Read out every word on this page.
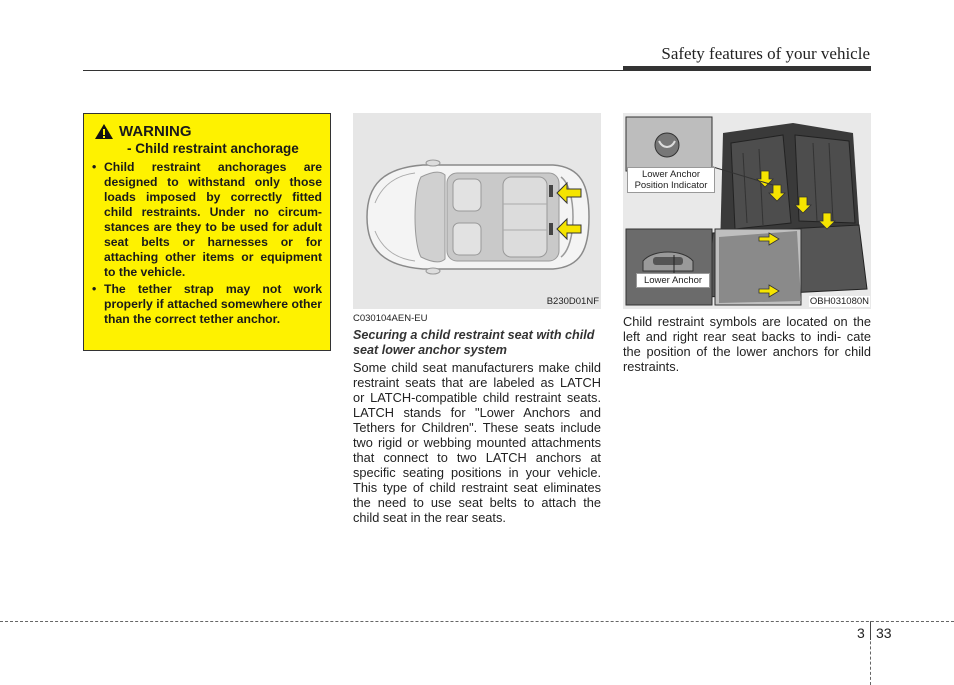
Safety features of your vehicle
WARNING
- Child restraint anchorage
• Child restraint anchorages are designed to withstand only those loads imposed by correctly fitted child restraints. Under no circum- stances are they to be used for adult seat belts or harnesses or for attaching other items or equipment to the vehicle.
• The tether strap may not work properly if attached somewhere other than the correct tether anchor.
B230D01NF
C030104AEN-EU
Securing a child restraint seat with child seat lower anchor system
Some child seat manufacturers make child restraint seats that are labeled as LATCH or LATCH-compatible child restraint seats. LATCH stands for "Lower Anchors and Tethers for Children". These seats include two rigid or webbing mounted attachments that connect to two LATCH anchors at specific seating positions in your vehicle. This type of child restraint seat eliminates the need to use seat belts to attach the child seat in the rear seats.
Lower Anchor Position Indicator
Lower Anchor
OBH031080N
Child restraint symbols are located on the left and right rear seat backs to indi- cate the position of the lower anchors for child restraints.
3 33
